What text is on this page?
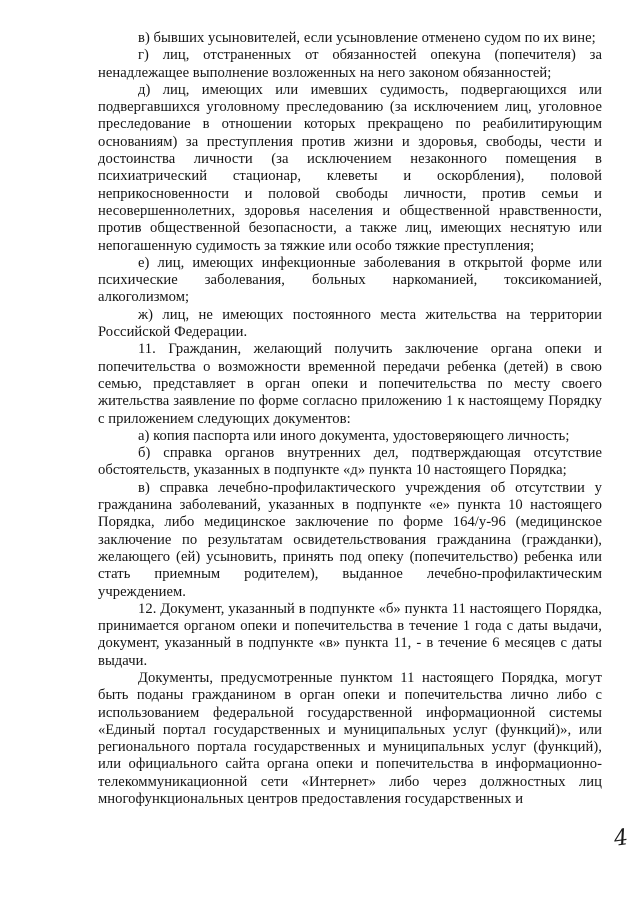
в) бывших усыновителей, если усыновление отменено судом по их вине;

г) лиц, отстраненных от обязанностей опекуна (попечителя) за ненадлежащее выполнение возложенных на него законом обязанностей;

д) лиц, имеющих или имевших судимость, подвергающихся или подвергавшихся уголовному преследованию (за исключением лиц, уголовное преследование в отношении которых прекращено по реабилитирующим основаниям) за преступления против жизни и здоровья, свободы, чести и достоинства личности (за исключением незаконного помещения в психиатрический стационар, клеветы и оскорбления), половой неприкосновенности и половой свободы личности, против семьи и несовершеннолетних, здоровья населения и общественной нравственности, против общественной безопасности, а также лиц, имеющих неснятую или непогашенную судимость за тяжкие или особо тяжкие преступления;

е) лиц, имеющих инфекционные заболевания в открытой форме или психические заболевания, больных наркоманией, токсикоманией, алкоголизмом;

ж) лиц, не имеющих постоянного места жительства на территории Российской Федерации.

11. Гражданин, желающий получить заключение органа опеки и попечительства о возможности временной передачи ребенка (детей) в свою семью, представляет в орган опеки и попечительства по месту своего жительства заявление по форме согласно приложению 1 к настоящему Порядку с приложением следующих документов:

а) копия паспорта или иного документа, удостоверяющего личность;

б) справка органов внутренних дел, подтверждающая отсутствие обстоятельств, указанных в подпункте «д» пункта 10 настоящего Порядка;

в) справка лечебно-профилактического учреждения об отсутствии у гражданина заболеваний, указанных в подпункте «е» пункта 10 настоящего Порядка, либо медицинское заключение по форме 164/у-96 (медицинское заключение по результатам освидетельствования гражданина (гражданки), желающего (ей) усыновить, принять под опеку (попечительство) ребенка или стать приемным родителем), выданное лечебно-профилактическим учреждением.

12. Документ, указанный в подпункте «б» пункта 11 настоящего Порядка, принимается органом опеки и попечительства в течение 1 года с даты выдачи, документ, указанный в подпункте «в» пункта 11, - в течение 6 месяцев с даты выдачи.

Документы, предусмотренные пунктом 11 настоящего Порядка, могут быть поданы гражданином в орган опеки и попечительства лично либо с использованием федеральной государственной информационной системы «Единый портал государственных и муниципальных услуг (функций)», или регионального портала государственных и муниципальных услуг (функций), или официального сайта органа опеки и попечительства в информационно-телекоммуникационной сети «Интернет» либо через должностных лиц многофункциональных центров предоставления государственных и

4
